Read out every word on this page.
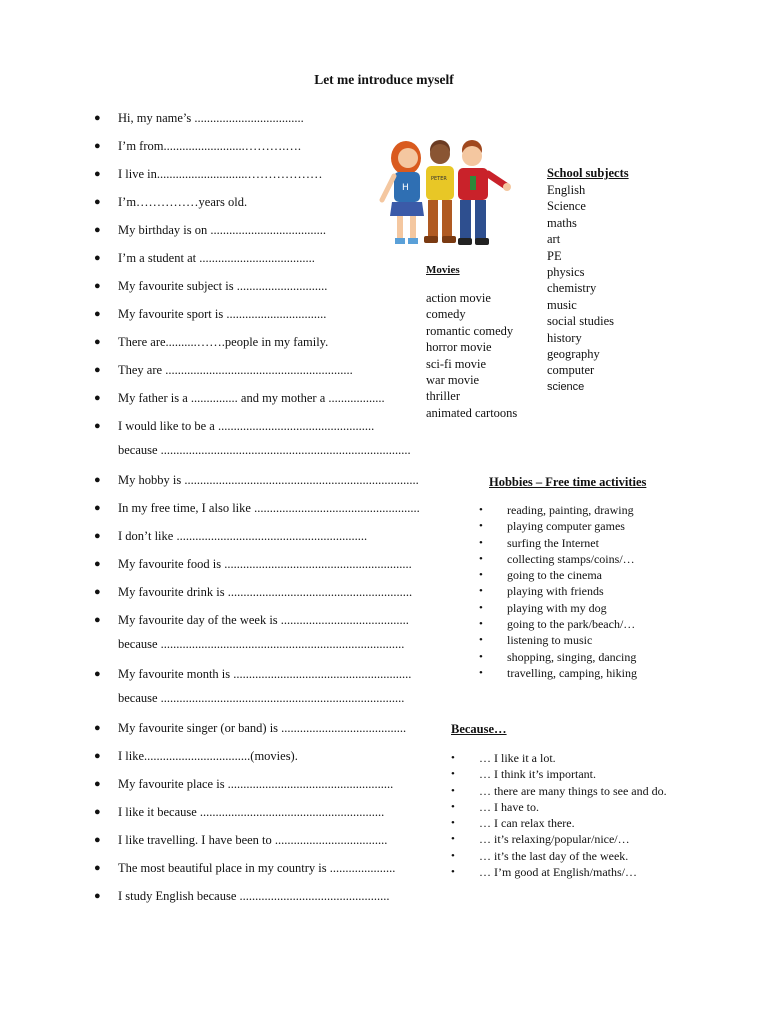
Let me introduce myself
● Hi, my name’s ...................................
● I’m from..........................……….….
● I live in.............................………………
● I’m……………years old.
● My birthday is on .....................................
● I’m a student at .....................................
● My favourite subject is .............................
● My favourite sport is ................................
● There are..........…….people in my family.
● They are ............................................................
● My father is a ............... and my mother a ..................
● I would like to be a ..................................................
because ................................................................................
● My hobby is ...........................................................................
● In my free time, I also like .....................................................
● I don’t like .............................................................
● My favourite food is ............................................................
● My favourite drink is ...........................................................
● My favourite day of the week is .........................................
because ..............................................................................
● My favourite month is .........................................................
because ..............................................................................
● My favourite singer (or band) is ........................................
● I like..................................(movies).
● My favourite place is .....................................................
● I like it because ...........................................................
● I like travelling. I have been to ....................................
● The most beautiful place in my country is .....................
● I study English because ................................................
H
PETER	School subjects
English
Science
maths
art
PE
physics
chemistry
music
social studies
history
geography
computer
science
Movies
action movie
comedy
romantic comedy
horror movie
sci-fi movie
war movie
thriller
animated cartoons
Hobbies – Free time activities
• reading, painting, drawing
• playing computer games
• surfing the Internet
• collecting stamps/coins/…
• going to the cinema
• playing with friends
• playing with my dog
• going to the park/beach/…
• listening to music
• shopping, singing, dancing
• travelling, camping, hiking
Because…
• … I like it a lot.
• … I think it’s important.
• … there are many things to see and do.
• … I have to.
• … I can relax there.
• … it’s relaxing/popular/nice/…
• … it’s the last day of the week.
• … I’m good at English/maths/…
